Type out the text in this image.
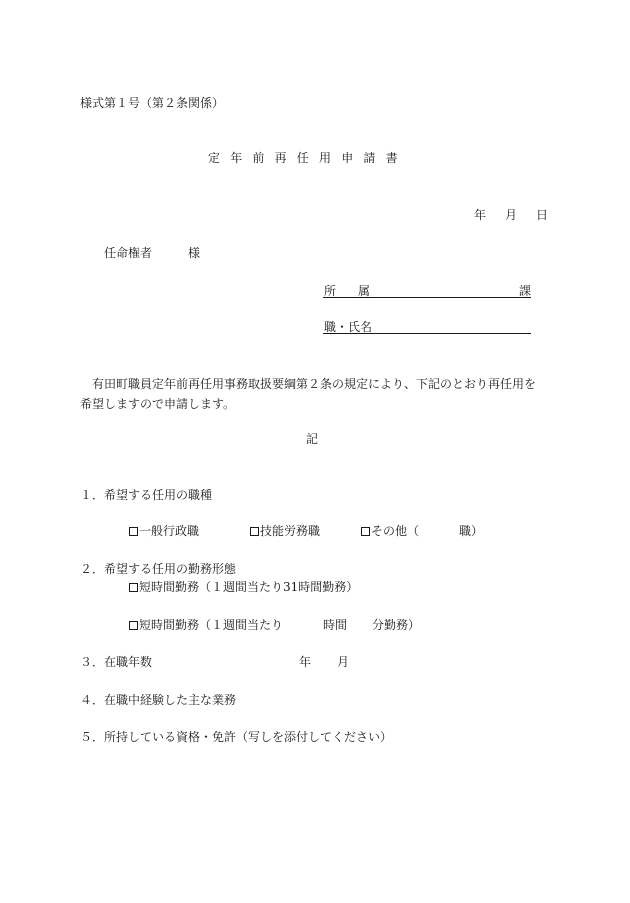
様式第１号（第２条関係）
定年前再任用申請書
年 月 日
任命権者	様
所 属	課
職・氏名
有田町職員定年前再任用事務取扱要綱第２条の規定により、下記のとおり再任用を
希望しますので申請します。
記
１．希望する任用の職種
一般行政職	技能労務職	その他（	職）
２．希望する任用の勤務形態
短時間勤務（１週間当たり31時間勤務）
短時間勤務（１週間当たり	時間 分勤務）
３．在職年数	年 月
４．在職中経験した主な業務
５．所持している資格・免許（写しを添付してください）
